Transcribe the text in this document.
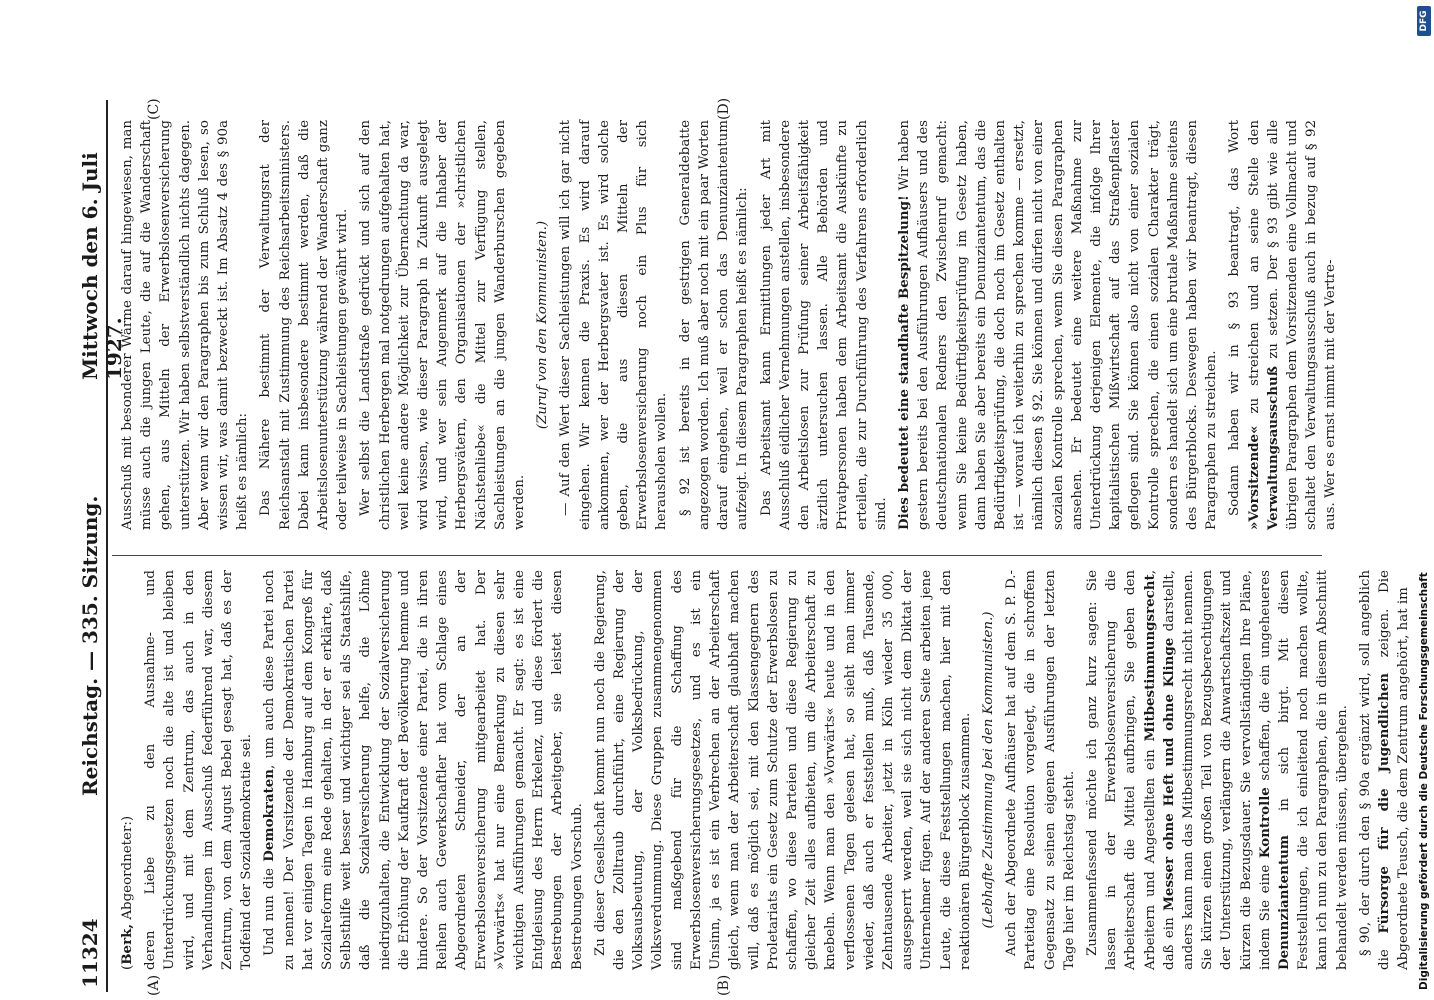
11324
Reichstag. — 335. Sitzung.
Mittwoch den 6. Juli 1927.
(A)	(B)
(C)	(D)

(Berk, Abgeordneter:) deren Liebe zu den Ausnahme- und Unterdrückungsgesetzen noch die alte ist und bleiben wird, und mit dem Zentrum, das auch in den Verhandlungen im Ausschuß federführend war, diesem Zentrum, von dem August Bebel gesagt hat, daß es der Todfeind der Sozialdemokratie sei. Und nun die Demokraten, um auch diese Partei noch zu nennen! Der Vorsitzende der Demokratischen Partei hat vor einigen Tagen in Hamburg auf dem Kongreß für Sozialreform eine Rede gehalten, in der er erklärte, daß Selbsthilfe weit besser und wichtiger sei als Staatshilfe, daß die Sozialversicherung helfe, die Löhne niedrigzuhalten, die Entwicklung der Sozialversicherung die Erhöhung der Kaufkraft der Bevölkerung hemme und hindere. So der Vorsitzende einer Partei, die in ihren Reihen auch Gewerkschaftler hat vom Schlage eines Abgeordneten Schneider, der an der Erwerbslosenversicherung mitgearbeitet hat. Der »Vorwärts« hat nur eine Bemerkung zu diesen sehr wichtigen Ausführungen gemacht. Er sagt: es ist eine Entgleisung des Herrn Erkelenz, und diese fördert die Bestrebungen der Arbeitgeber, sie leistet diesen Bestrebungen Vorschub. Zu dieser Gesellschaft kommt nun noch die Regierung, die den Zolltraub durchführt, eine Regierung der Volksausbeutung, der Volksbedrückung, der Volksverdummung. Diese Gruppen zusammengenommen sind maßgebend für die Schaffung des Erwerbslosenversicherungsgesetzes, und es ist ein Unsinn, ja es ist ein Verbrechen an der Arbeiterschaft gleich, wenn man der Arbeiterschaft glaubhaft machen will, daß es möglich sei, mit den Klassengegnern des Proletariats ein Gesetz zum Schutze der Erwerbslosen zu schaffen, wo diese Parteien und diese Regierung zu gleicher Zeit alles aufbieten, um die Arbeiterschaft zu knebeln. Wenn man den »Vorwärts« heute und in den verflossenen Tagen gelesen hat, so sieht man immer wieder, daß auch er feststellen muß, daß Tausende, Zehntausende Arbeiter, jetzt in Köln wieder 35 000, ausgesperrt werden, weil sie sich nicht dem Diktat der Unternehmer fügen. Auf der anderen Seite arbeiten jene Leute, die diese Feststellungen machen, hier mit den reaktionären Bürgerblock zusammen. (Lebhafte Zustimmung bei den Kommunisten.) Auch der Abgeordnete Aufhäuser hat auf dem S. P. D.-Parteitag eine Resolution vorgelegt, die in schroffem Gegensatz zu seinen eigenen Ausführungen der letzten Tage hier im Reichstag steht. Zusammenfassend möchte ich ganz kurz sagen: Sie lassen in der Erwerbslosenversicherung die Arbeiterschaft die Mittel aufbringen, Sie geben den Arbeitern und Angestellten ein Mitbestimmungsrecht, daß ein Messer ohne Heft und ohne Klinge darstellt, anders kann man das Mitbestimmungsrecht nicht nennen. Sie kürzen einen großen Teil von Bezugsberechtigungen der Unterstützung, verlängern die Anwartschaftszeit und kürzen die Bezugsdauer. Sie vervollständigen Ihre Pläne, indem Sie eine Kontrolle schaffen, die ein ungeheueres Denunziantentum in sich birgt. Mit diesen Feststellungen, die ich einleitend noch machen wollte, kann ich nun zu den Paragraphen, die in diesem Abschnitt behandelt werden müssen, übergehen. § 90, der durch den § 90a ergänzt wird, soll angeblich die Fürsorge für die Jugendlichen zeigen. Die Abgeordnete Teusch, die dem Zentrum angehört, hat im

Ausschuß mit besonderer Wärme darauf hingewiesen, man müsse auch die jungen Leute, die auf die Wanderschaft gehen, aus Mitteln der Erwerbslosenversicherung unterstützen. Wir haben selbstverständlich nichts dagegen. Aber wenn wir den Paragraphen bis zum Schluß lesen, so wissen wir, was damit bezweckt ist. Im Absatz 4 des § 90a heißt es nämlich: Das Nähere bestimmt der Verwaltungsrat der Reichsanstalt mit Zustimmung des Reichsarbeitsministers. Dabei kann insbesondere bestimmt werden, daß die Arbeitslosenunterstützung während der Wanderschaft ganz oder teilweise in Sachleistungen gewährt wird. Wer selbst die Landstraße gedrückt und sich auf den christlichen Herbergen mal notgedrungen aufgehalten hat, weil keine andere Möglichkeit zur Übernachtung da war, wird wissen, wie dieser Paragraph in Zukunft ausgelegt wird, und wer sein Augenmerk auf die Inhaber der Herbergsvätern, den Organisationen der »christlichen Nächstenliebe« die Mittel zur Verfügung stellen, Sachleistungen an die jungen Wanderburschen gegeben werden.

(Zuruf von den Kommunisten.) — Auf den Wert dieser Sachleistungen will ich gar nicht eingehen. Wir kennen die Praxis. Es wird darauf ankommen, wer der Herbergsvater ist. Es wird solche geben, die aus diesen Mitteln der Erwerbslosenversicherung noch ein Plus für sich herausholen wollen. § 92 ist bereits in der gestrigen Generaldebatte angezogen worden. Ich muß aber noch mit ein paar Worten darauf eingehen, weil er schon das Denunziantentum aufzeigt. In diesem Paragraphen heißt es nämlich: Das Arbeitsamt kann Ermittlungen jeder Art mit Ausschluß eidlicher Vernehmungen anstellen, insbesondere den Arbeitslosen zur Prüfung seiner Arbeitsfähigkeit ärztlich untersuchen lassen. Alle Behörden und Privatpersonen haben dem Arbeitsamt die Auskünfte zu erteilen, die zur Durchführung des Verfahrens erforderlich sind. Dies bedeutet eine standhafte Bespitzelung! Wir haben gestern bereits bei den Ausführungen Aufhäusers und des deutschnationalen Redners den Zwischenruf gemacht: wenn Sie keine Bedürftigkeitsprüfung im Gesetz haben, dann haben Sie aber bereits ein Denunziantentum, das die Bedürftigkeitsprüfung, die doch noch im Gesetz enthalten ist — worauf ich weiterhin zu sprechen komme — ersetzt, nämlich diesen § 92. Sie können und dürfen nicht von einer sozialen Kontrolle sprechen, wenn Sie diesen Paragraphen ansehen. Er bedeutet eine weitere Maßnahme zur Unterdrückung derjenigen Elemente, die infolge Ihrer kapitalistischen Mißwirtschaft auf das Straßenpflaster geflogen sind. Sie können also nicht von einer sozialen Kontrolle sprechen, die einen sozialen Charakter trägt, sondern es handelt sich um eine brutale Maßnahme seitens des Bürgerblocks. Deswegen haben wir beantragt, diesen Paragraphen zu streichen. Sodann haben wir in § 93 beantragt, das Wort »Vorsitzende« zu streichen und an seine Stelle den Verwaltungsausschuß zu setzen. Der § 93 gibt wie alle übrigen Paragraphen dem Vorsitzenden eine Vollmacht und schaltet den Verwaltungsausschuß auch in bezug auf § 92 aus. Wer es ernst nimmt mit der Vertre-

Digitalisierung gefördert durch die Deutsche Forschungsgemeinschaft
DFG
